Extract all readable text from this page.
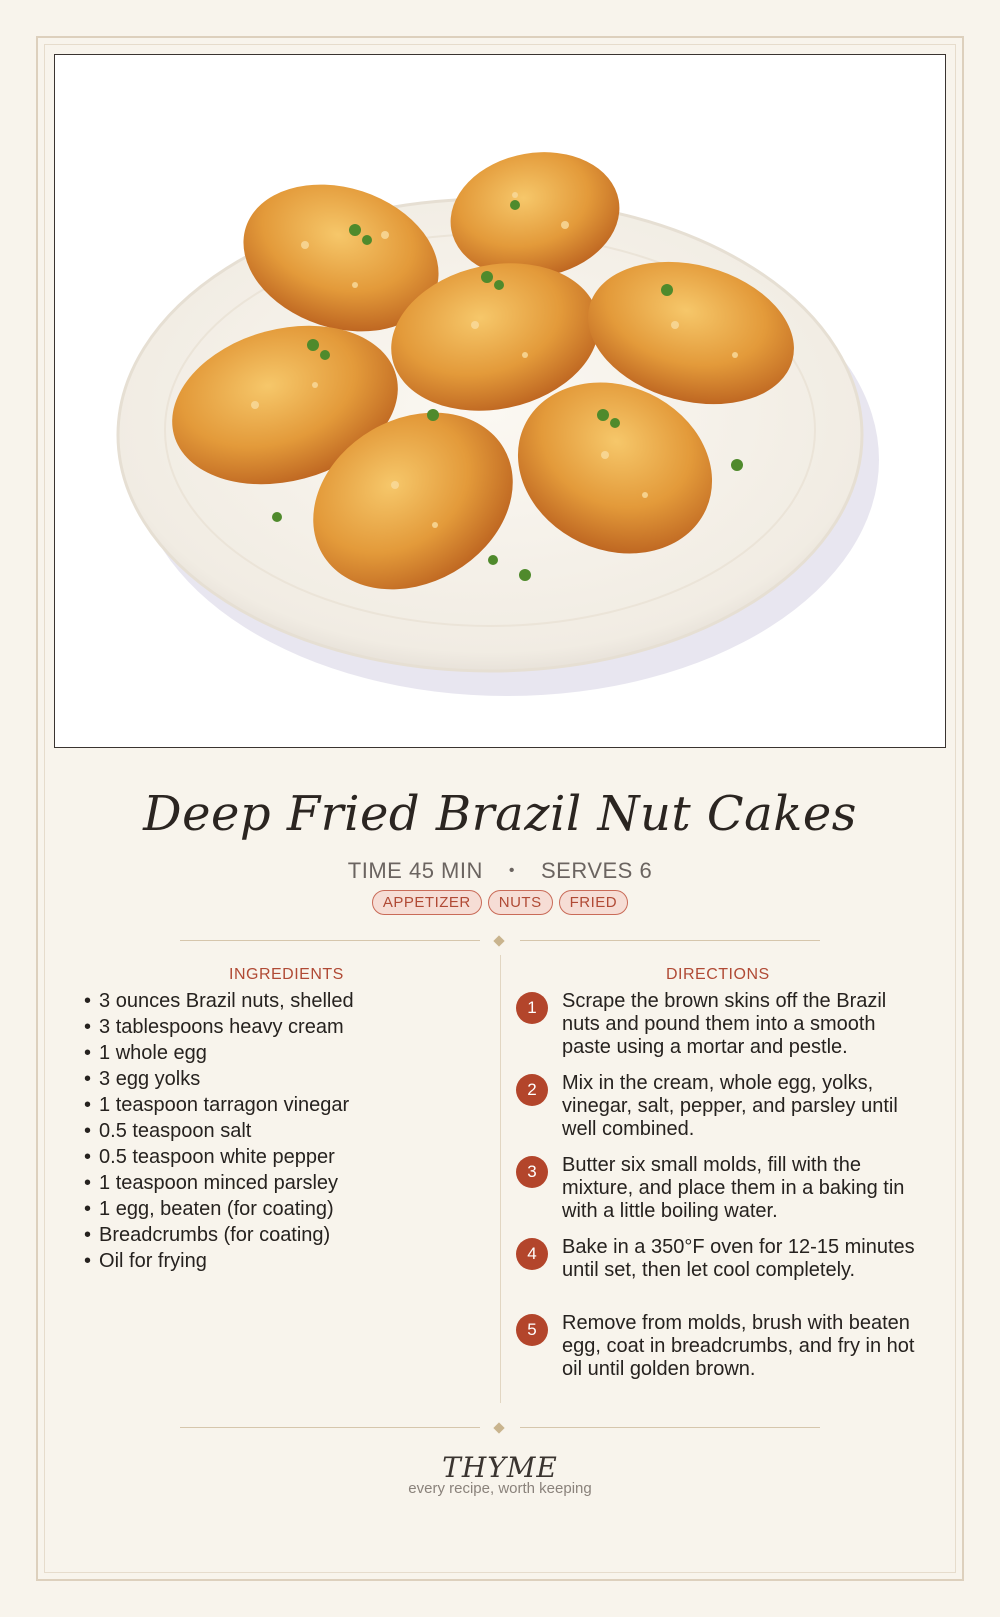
Deep Fried Brazil Nut Cakes
TIME 45 MIN • SERVES 6
APPETIZER NUTS FRIED
INGREDIENTS
• 3 ounces Brazil nuts, shelled
• 3 tablespoons heavy cream
• 1 whole egg
• 3 egg yolks
• 1 teaspoon tarragon vinegar
• 0.5 teaspoon salt
• 0.5 teaspoon white pepper
• 1 teaspoon minced parsley
• 1 egg, beaten (for coating)
• Breadcrumbs (for coating)
• Oil for frying
DIRECTIONS
1	Scrape the brown skins off the Brazil nuts and pound them into a smooth paste using a mortar and pestle.
2	Mix in the cream, whole egg, yolks, vinegar, salt, pepper, and parsley until well combined.
3	Butter six small molds, fill with the mixture, and place them in a baking tin with a little boiling water.
4	Bake in a 350°F oven for 12-15 minutes until set, then let cool completely.
5	Remove from molds, brush with beaten egg, coat in breadcrumbs, and fry in hot oil until golden brown.
THYME
every recipe, worth keeping
